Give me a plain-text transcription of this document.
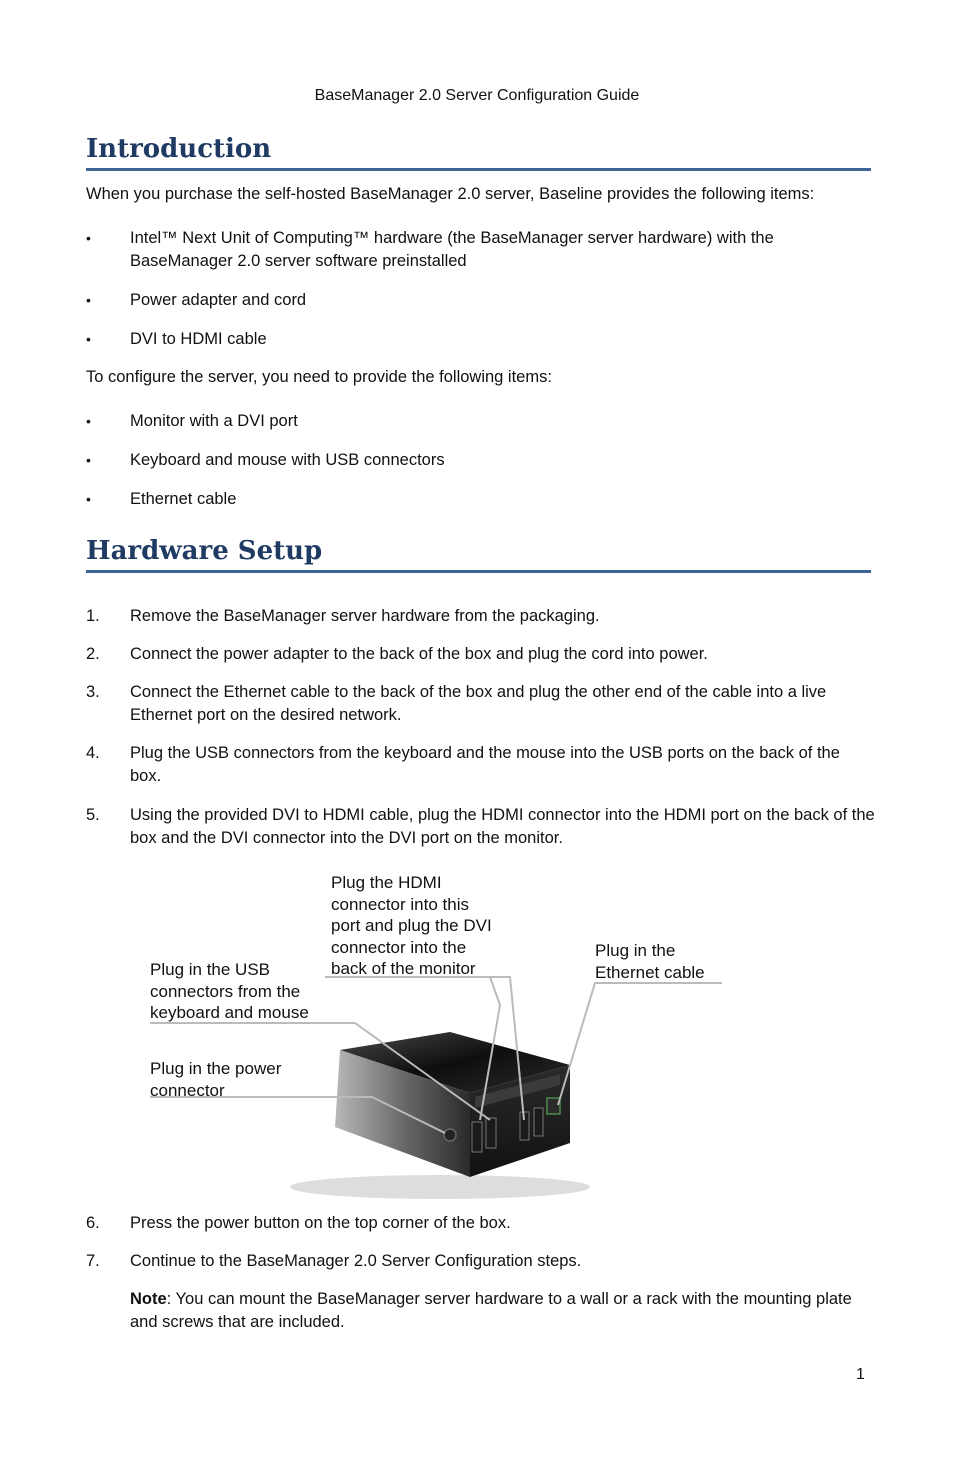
BaseManager 2.0 Server Configuration Guide
Introduction
When you purchase the self-hosted BaseManager 2.0 server, Baseline provides the following items:
•	Intel™ Next Unit of Computing™ hardware (the BaseManager server hardware) with the BaseManager 2.0 server software preinstalled
•	Power adapter and cord
•	DVI to HDMI cable
To configure the server, you need to provide the following items:
•	Monitor with a DVI port
•	Keyboard and mouse with USB connectors
•	Ethernet cable
Hardware Setup
1. Remove the BaseManager server hardware from the packaging.
2. Connect the power adapter to the back of the box and plug the cord into power.
3. Connect the Ethernet cable to the back of the box and plug the other end of the cable into a live Ethernet port on the desired network.
4. Plug the USB connectors from the keyboard and the mouse into the USB ports on the back of the box.
5. Using the provided DVI to HDMI cable, plug the HDMI connector into the HDMI port on the back of the box and the DVI connector into the DVI port on the monitor.
Plug the HDMI
connector into this
port and plug the DVI
connector into the
back of the monitor
Plug in the
Ethernet cable
Plug in the USB
connectors from the
keyboard and mouse
Plug in the power
connector
6. Press the power button on the top corner of the box.
7. Continue to the BaseManager 2.0 Server Configuration steps.
Note: You can mount the BaseManager server hardware to a wall or a rack with the mounting plate and screws that are included.
1
